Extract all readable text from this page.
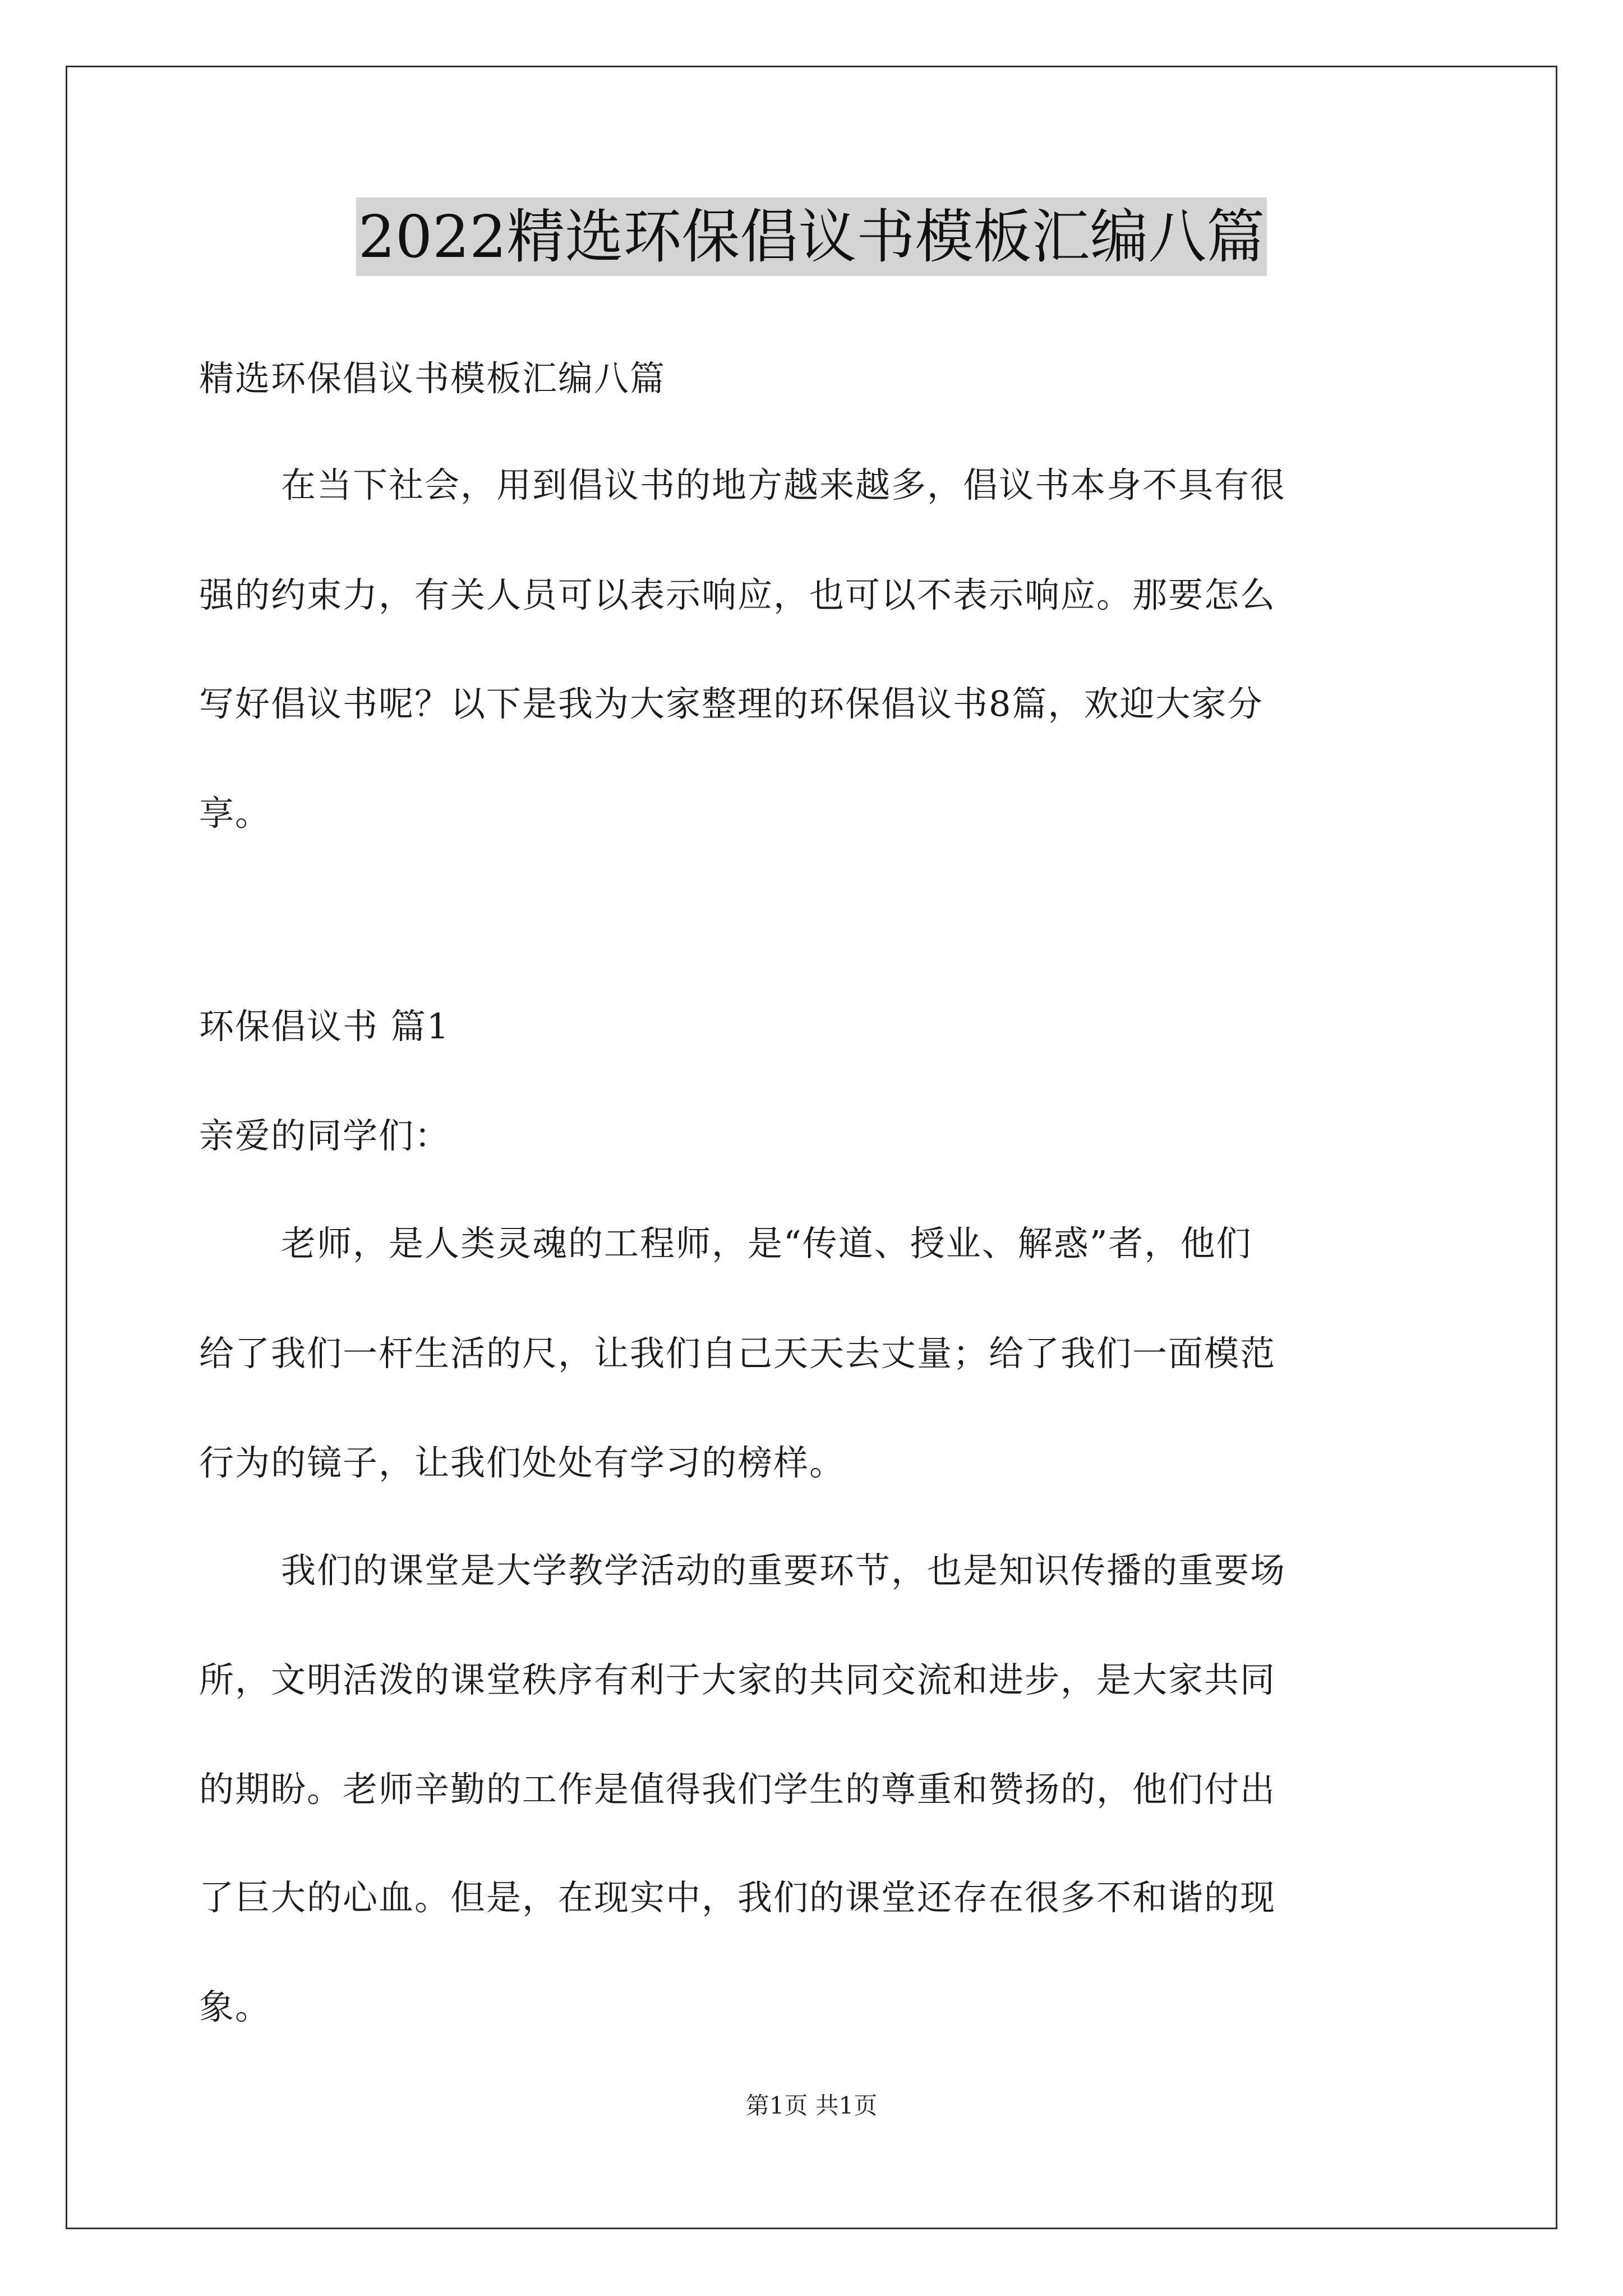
2022精选环保倡议书模板汇编八篇
精选环保倡议书模板汇编八篇
在当下社会，用到倡议书的地方越来越多，倡议书本身不具有很
强的约束力，有关人员可以表示响应，也可以不表示响应。那要怎么
写好倡议书呢？以下是我为大家整理的环保倡议书8篇，欢迎大家分
享。
环保倡议书 篇1
亲爱的同学们：
老师，是人类灵魂的工程师，是“传道、授业、解惑”者，他们
给了我们一杆生活的尺，让我们自己天天去丈量；给了我们一面模范
行为的镜子，让我们处处有学习的榜样。
我们的课堂是大学教学活动的重要环节，也是知识传播的重要场
所，文明活泼的课堂秩序有利于大家的共同交流和进步，是大家共同
的期盼。老师辛勤的工作是值得我们学生的尊重和赞扬的，他们付出
了巨大的心血。但是，在现实中，我们的课堂还存在很多不和谐的现
象。
第1页 共1页
